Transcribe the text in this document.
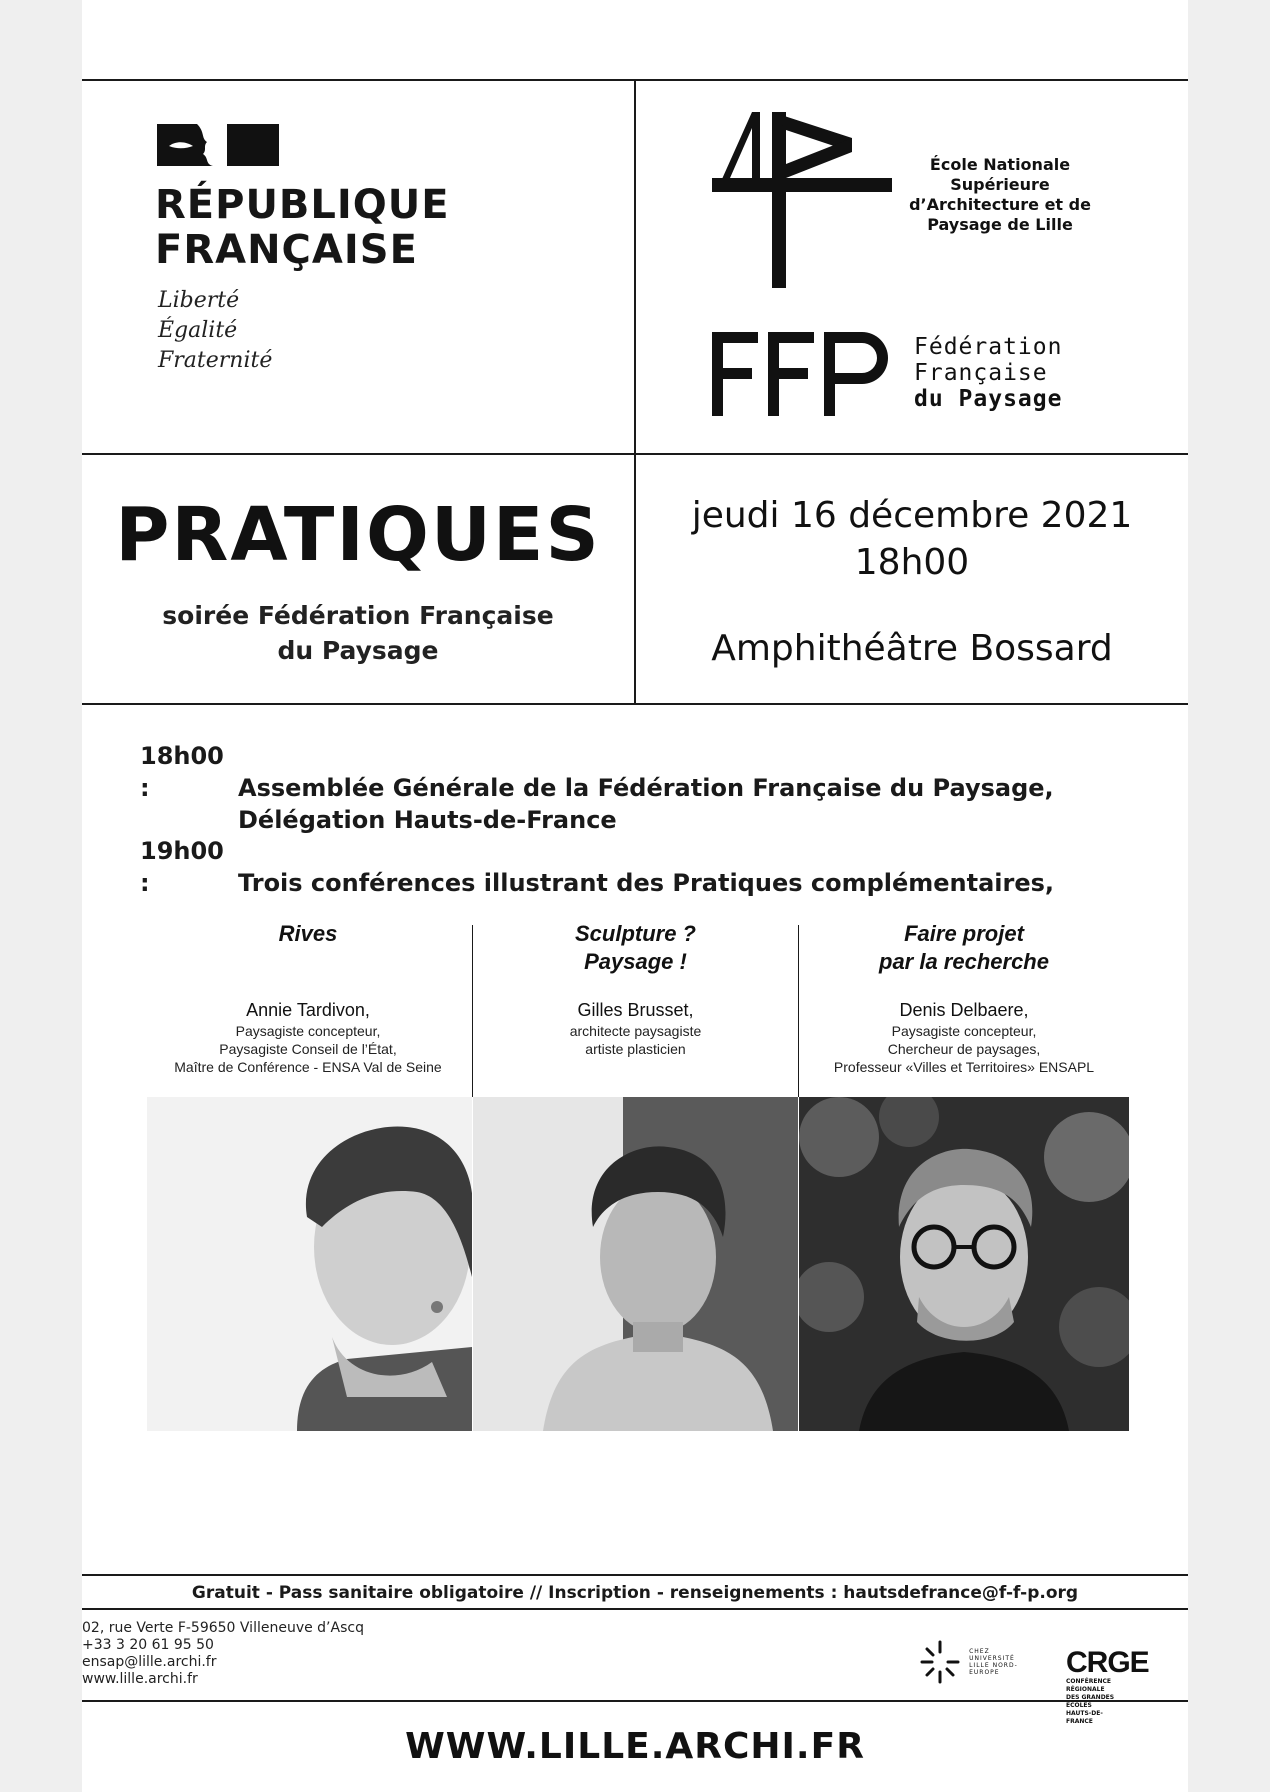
RÉPUBLIQUE
FRANÇAISE
Liberté
Égalité
Fraternité
École Nationale
Supérieure
d’Architecture et de
Paysage de Lille
Fédération
Française
du Paysage
PRATIQUES
soirée Fédération Française
du Paysage
jeudi 16 décembre 2021
18h00
Amphithéâtre Bossard
18h00 :	Assemblée Générale de la Fédération Française du Paysage,
Délégation Hauts-de-France
19h00 :	Trois conférences illustrant des Pratiques complémentaires,
Rives
Annie Tardivon,
Paysagiste concepteur,
Paysagiste Conseil de l’État,
Maître de Conférence - ENSA Val de Seine
Sculpture ?
Paysage !
Gilles Brusset,
architecte paysagiste
artiste plasticien
Faire projet
par la recherche
Denis Delbaere,
Paysagiste concepteur,
Chercheur de paysages,
Professeur «Villes et Territoires» ENSAPL
Gratuit - Pass sanitaire obligatoire // Inscription - renseignements : hautsdefrance@f-f-p.org
02, rue Verte F-59650 Villeneuve d’Ascq
+33 3 20 61 95 50
ensap@lille.archi.fr
www.lille.archi.fr
CHEZ
UNIVERSITÉ
LILLE NORD-EUROPE	CRGE CONFÉRENCE RÉGIONALE
DES GRANDES ÉCOLES
HAUTS-DE-FRANCE
WWW.LILLE.ARCHI.FR
